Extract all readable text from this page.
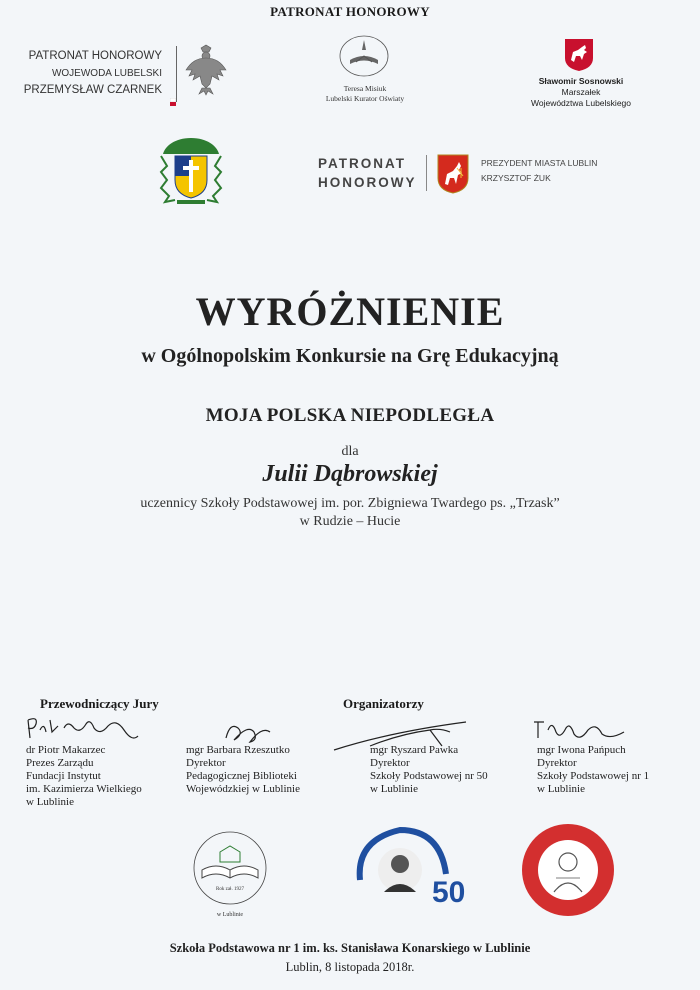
PATRONAT HONOROWY
PATRONAT HONOROWY
WOJEWODA LUBELSKI
PRZEMYSŁAW CZARNEK	Teresa Misiuk
Lubelski Kurator Oświaty
Sławomir Sosnowski
Marszałek
Województwa Lubelskiego
PATRONAT
HONOROWY
PREZYDENT MIASTA LUBLIN
KRZYSZTOF ŻUK
WYRÓŻNIENIE
w Ogólnopolskim Konkursie na Grę Edukacyjną
MOJA POLSKA NIEPODLEGŁA
dla
Julii Dąbrowskiej
uczennicy Szkoły Podstawowej im. por. Zbigniewa Twardego ps. „Trzask”
w Rudzie – Hucie
Przewodniczący Jury	Organizatorzy
dr Piotr Makarzec
Prezes Zarządu
Fundacji Instytut
im. Kazimierza Wielkiego
w Lublinie
mgr Barbara Rzeszutko
Dyrektor
Pedagogicznej Biblioteki
Wojewódzkiej w Lublinie
mgr Ryszard Pawka
Dyrektor
Szkoły Podstawowej nr 50
w Lublinie
mgr Iwona Pańpuch
Dyrektor
Szkoły Podstawowej nr 1
w Lublinie
Rok zał. 1927
w Lublinie
50
Szkoła Podstawowa nr 1 im. ks. Stanisława Konarskiego w Lublinie
Lublin, 8 listopada 2018r.
